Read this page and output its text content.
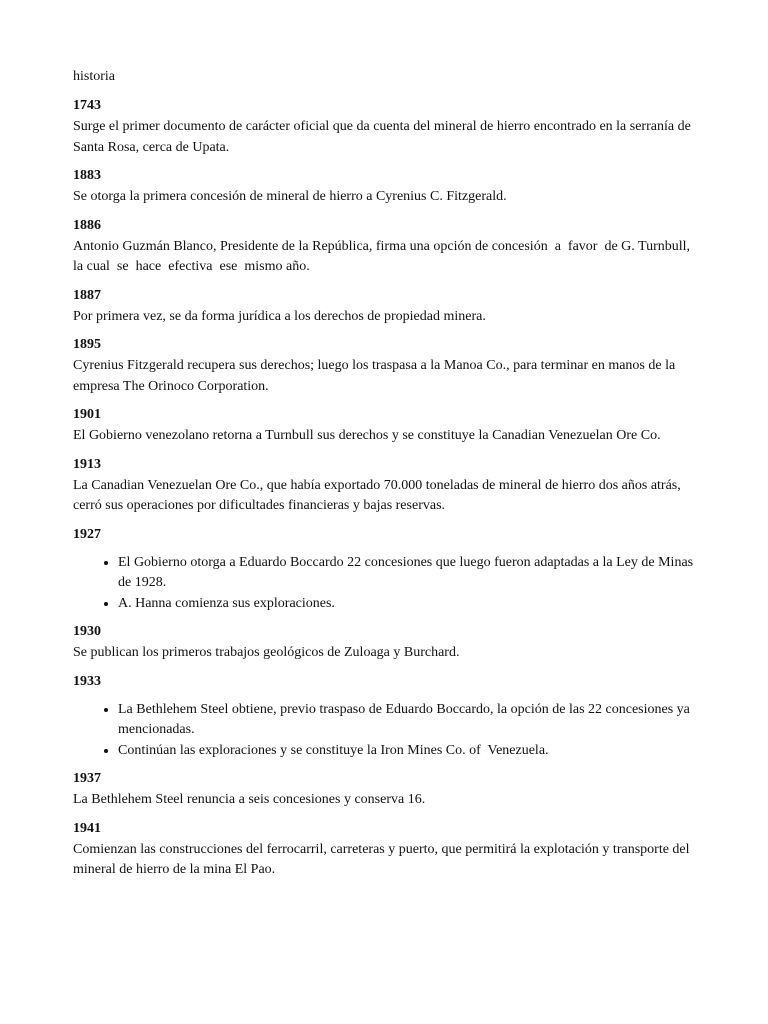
historia
1743
Surge el primer documento de carácter oficial que da cuenta del mineral de hierro encontrado en la serranía de Santa Rosa, cerca de Upata.
1883
Se otorga la primera concesión de mineral de hierro a Cyrenius C. Fitzgerald.
1886
Antonio Guzmán Blanco, Presidente de la República, firma una opción de concesión  a  favor  de G. Turnbull,  la cual  se  hace  efectiva  ese  mismo año.
1887
Por primera vez, se da forma jurídica a los derechos de propiedad minera.
1895
Cyrenius Fitzgerald recupera sus derechos; luego los traspasa a la Manoa Co., para terminar en manos de la empresa The Orinoco Corporation.
1901
El Gobierno venezolano retorna a Turnbull sus derechos y se constituye la Canadian Venezuelan Ore Co.
1913
La Canadian Venezuelan Ore Co., que había exportado 70.000 toneladas de mineral de hierro dos años atrás, cerró sus operaciones por dificultades financieras y bajas reservas.
1927
• El Gobierno otorga a Eduardo Boccardo 22 concesiones que luego fueron adaptadas a la Ley de Minas de 1928.
• A. Hanna comienza sus exploraciones.
1930
Se publican los primeros trabajos geológicos de Zuloaga y Burchard.
1933
• La Bethlehem Steel obtiene, previo traspaso de Eduardo Boccardo, la opción de las 22 concesiones ya mencionadas.
• Continúan las exploraciones y se constituye la Iron Mines Co. of  Venezuela.
1937
La Bethlehem Steel renuncia a seis concesiones y conserva 16.
1941
Comienzan las construcciones del ferrocarril, carreteras y puerto, que permitirá la explotación y transporte del mineral de hierro de la mina El Pao.
